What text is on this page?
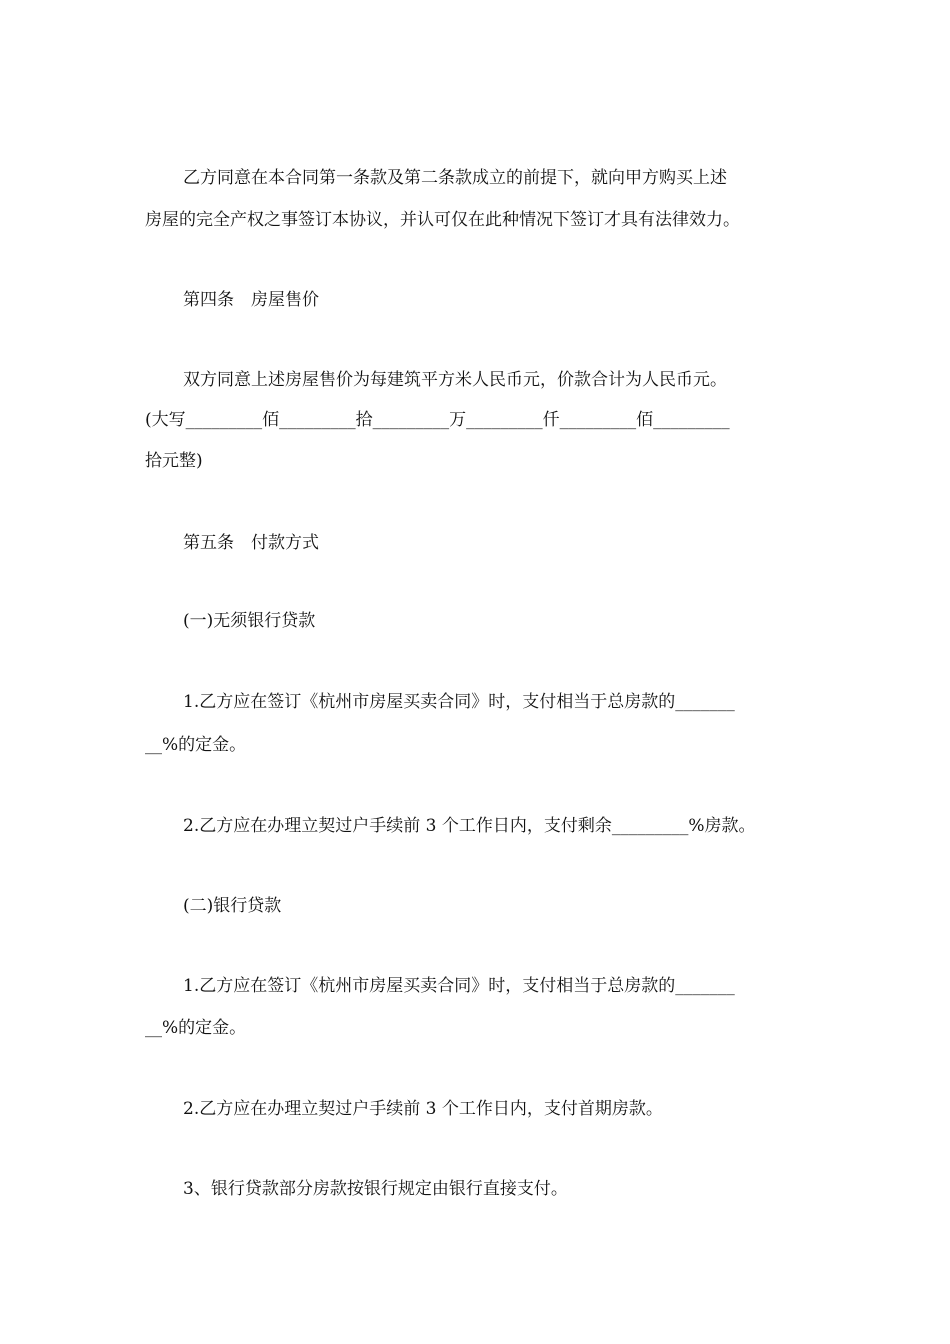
乙方同意在本合同第一条款及第二条款成立的前提下，就向甲方购买上述
房屋的完全产权之事签订本协议，并认可仅在此种情况下签订才具有法律效力。
第四条　房屋售价
双方同意上述房屋售价为每建筑平方米人民币元，价款合计为人民币元。
(大写_________佰_________拾_________万_________仟_________佰_________
拾元整)
第五条　付款方式
(一)无须银行贷款
1.乙方应在签订《杭州市房屋买卖合同》时，支付相当于总房款的_______
__%的定金。
2.乙方应在办理立契过户手续前 3 个工作日内，支付剩余_________%房款。
(二)银行贷款
1.乙方应在签订《杭州市房屋买卖合同》时，支付相当于总房款的_______
__%的定金。
2.乙方应在办理立契过户手续前 3 个工作日内，支付首期房款。
3、银行贷款部分房款按银行规定由银行直接支付。
